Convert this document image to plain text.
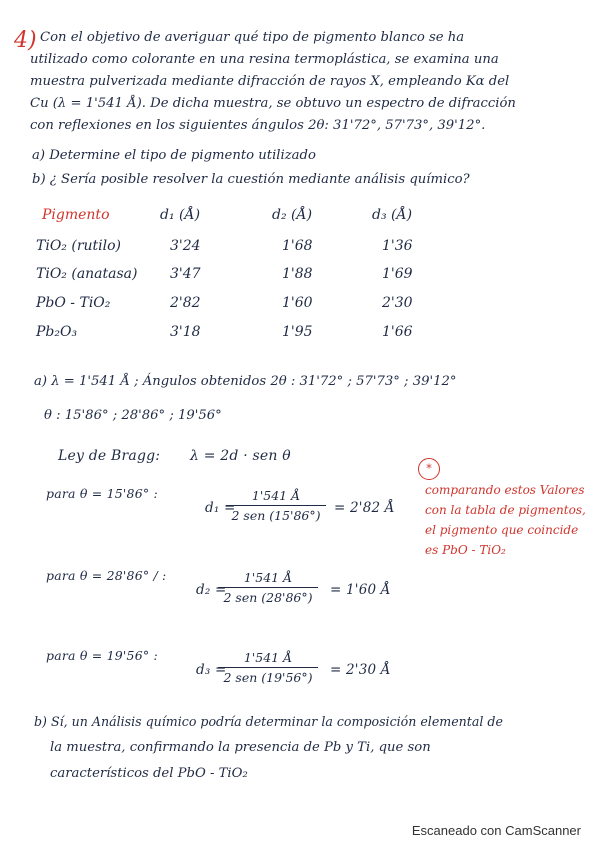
4) Con el objetivo de averiguar qué tipo de pigmento blanco se ha
utilizado como colorante en una resina termoplástica, se examina una
muestra pulverizada mediante difracción de rayos X, empleando Kα del
Cu (λ = 1'541 Å). De dicha muestra, se obtuvo un espectro de difracción
con reflexiones en los siguientes ángulos 2θ: 31'72°, 57'73°, 39'12°.
a) Determine el tipo de pigmento utilizado
b) ¿ Sería posible resolver la cuestión mediante análisis químico?
Pigmento	d₁ (Å)	d₂ (Å)	d₃ (Å)
TiO₂ (rutilo)	3'24	1'68	1'36
TiO₂ (anatasa) 3'47	1'88	1'69
PbO - TiO₂	2'82	1'60	2'30
Pb₂O₃	3'18	1'95	1'66
a) λ = 1'541 Å ; Ángulos obtenidos 2θ : 31'72° ; 57'73° ; 39'12°
θ : 15'86° ; 28'86° ; 19'56°
Ley de Bragg: λ = 2d · sen θ
para θ = 15'86° :
d₁ =
1'541 Å
2 sen (15'86°)	= 2'82 Å
para θ = 28'86° / :
d₂ =
1'541 Å
2 sen (28'86°)	= 1'60 Å
para θ = 19'56° :
d₃ =
1'541 Å
2 sen (19'56°)	= 2'30 Å
*
comparando estos Valores
con la tabla de pigmentos,
el pigmento que coincide
es PbO - TiO₂
b) Sí, un Análisis químico podría determinar la composición elemental de
la muestra, confirmando la presencia de Pb y Ti, que son
característicos del PbO - TiO₂
Escaneado con CamScanner
